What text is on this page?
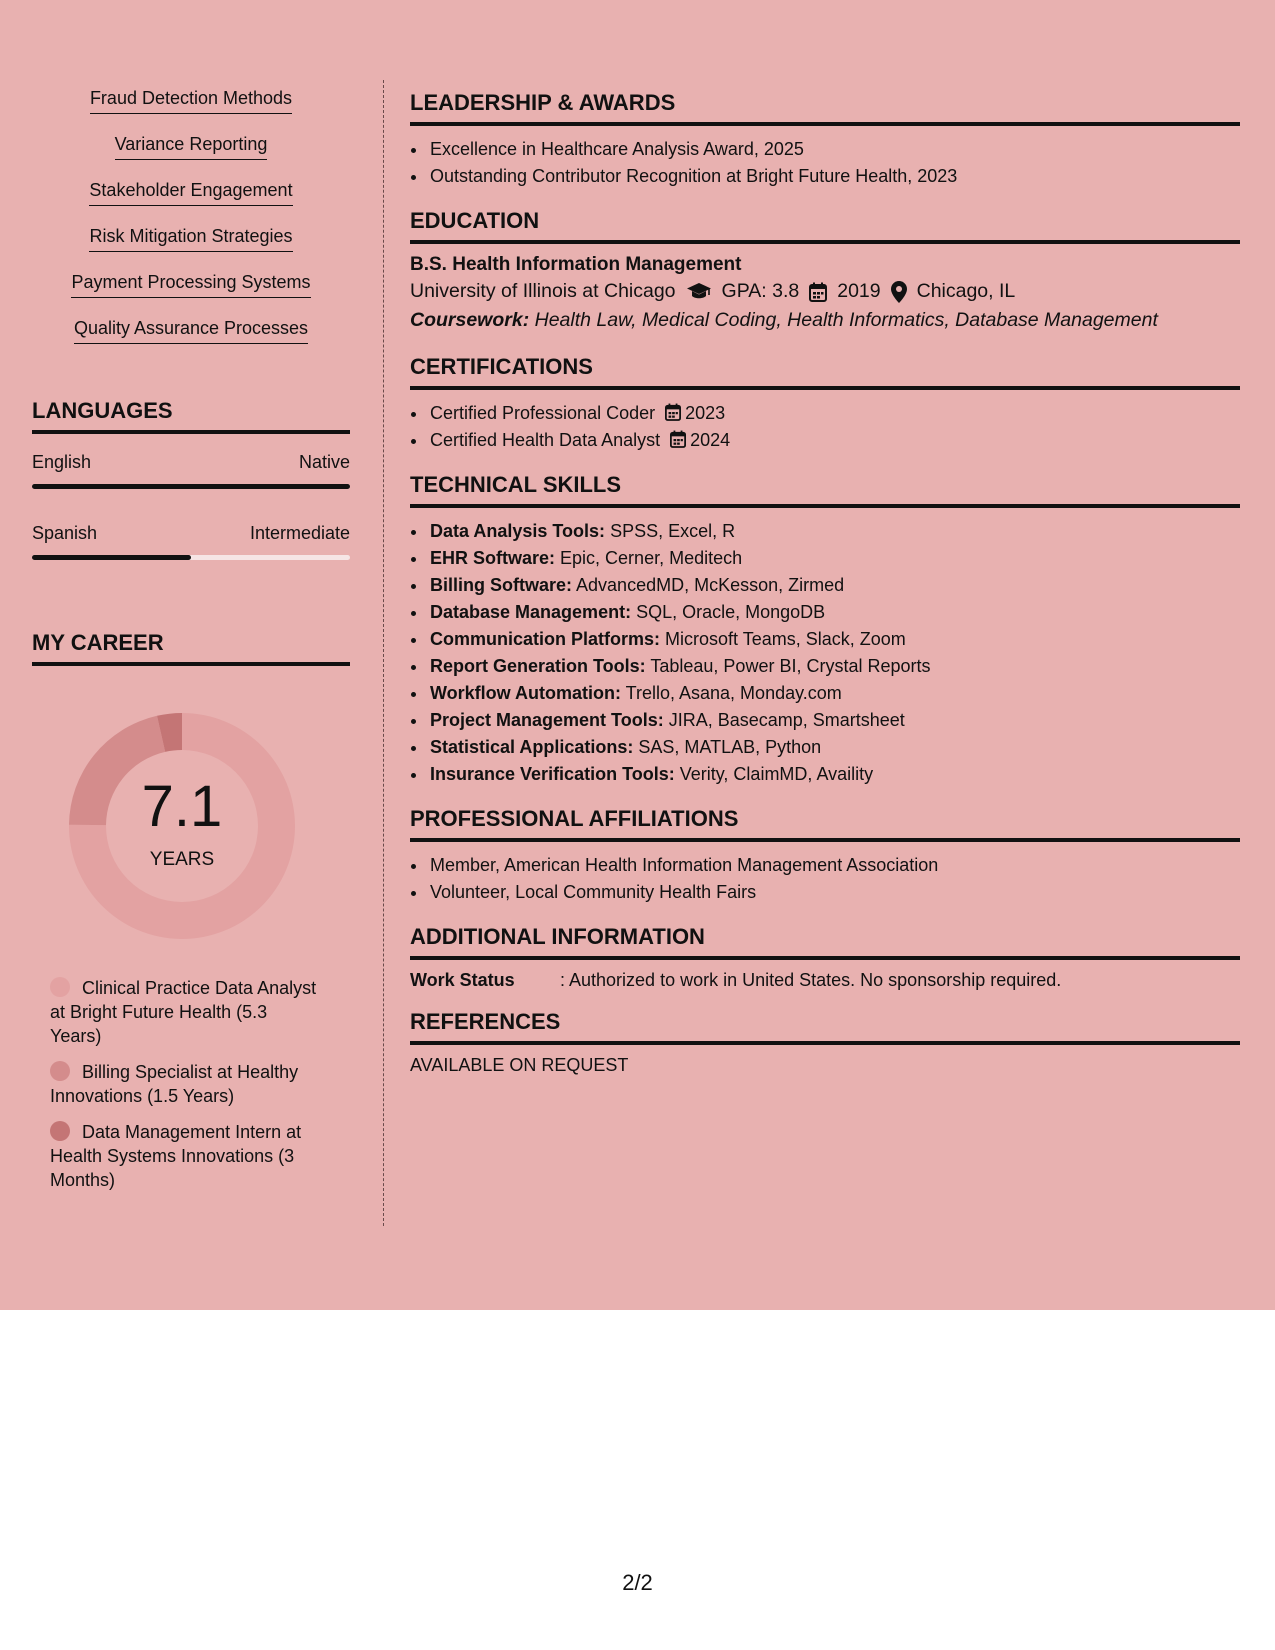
Fraud Detection Methods
Variance Reporting
Stakeholder Engagement
Risk Mitigation Strategies
Payment Processing Systems
Quality Assurance Processes
LANGUAGES
English	Native
Spanish	Intermediate
MY CAREER
7.1
YEARS
Clinical Practice Data Analyst at Bright Future Health (5.3 Years)
Billing Specialist at Healthy Innovations (1.5 Years)
Data Management Intern at Health Systems Innovations (3 Months)
LEADERSHIP & AWARDS
• Excellence in Healthcare Analysis Award, 2025
• Outstanding Contributor Recognition at Bright Future Health, 2023
EDUCATION
B.S. Health Information Management
University of Illinois at Chicago GPA: 3.8 2019 Chicago, IL
Coursework: Health Law, Medical Coding, Health Informatics, Database Management
CERTIFICATIONS
• Certified Professional Coder 2023
• Certified Health Data Analyst 2024
TECHNICAL SKILLS
• Data Analysis Tools: SPSS, Excel, R
• EHR Software: Epic, Cerner, Meditech
• Billing Software: AdvancedMD, McKesson, Zirmed
• Database Management: SQL, Oracle, MongoDB
• Communication Platforms: Microsoft Teams, Slack, Zoom
• Report Generation Tools: Tableau, Power BI, Crystal Reports
• Workflow Automation: Trello, Asana, Monday.com
• Project Management Tools: JIRA, Basecamp, Smartsheet
• Statistical Applications: SAS, MATLAB, Python
• Insurance Verification Tools: Verity, ClaimMD, Availity
PROFESSIONAL AFFILIATIONS
• Member, American Health Information Management Association
• Volunteer, Local Community Health Fairs
ADDITIONAL INFORMATION
Work Status	: Authorized to work in United States. No sponsorship required.
REFERENCES
AVAILABLE ON REQUEST
2/2
